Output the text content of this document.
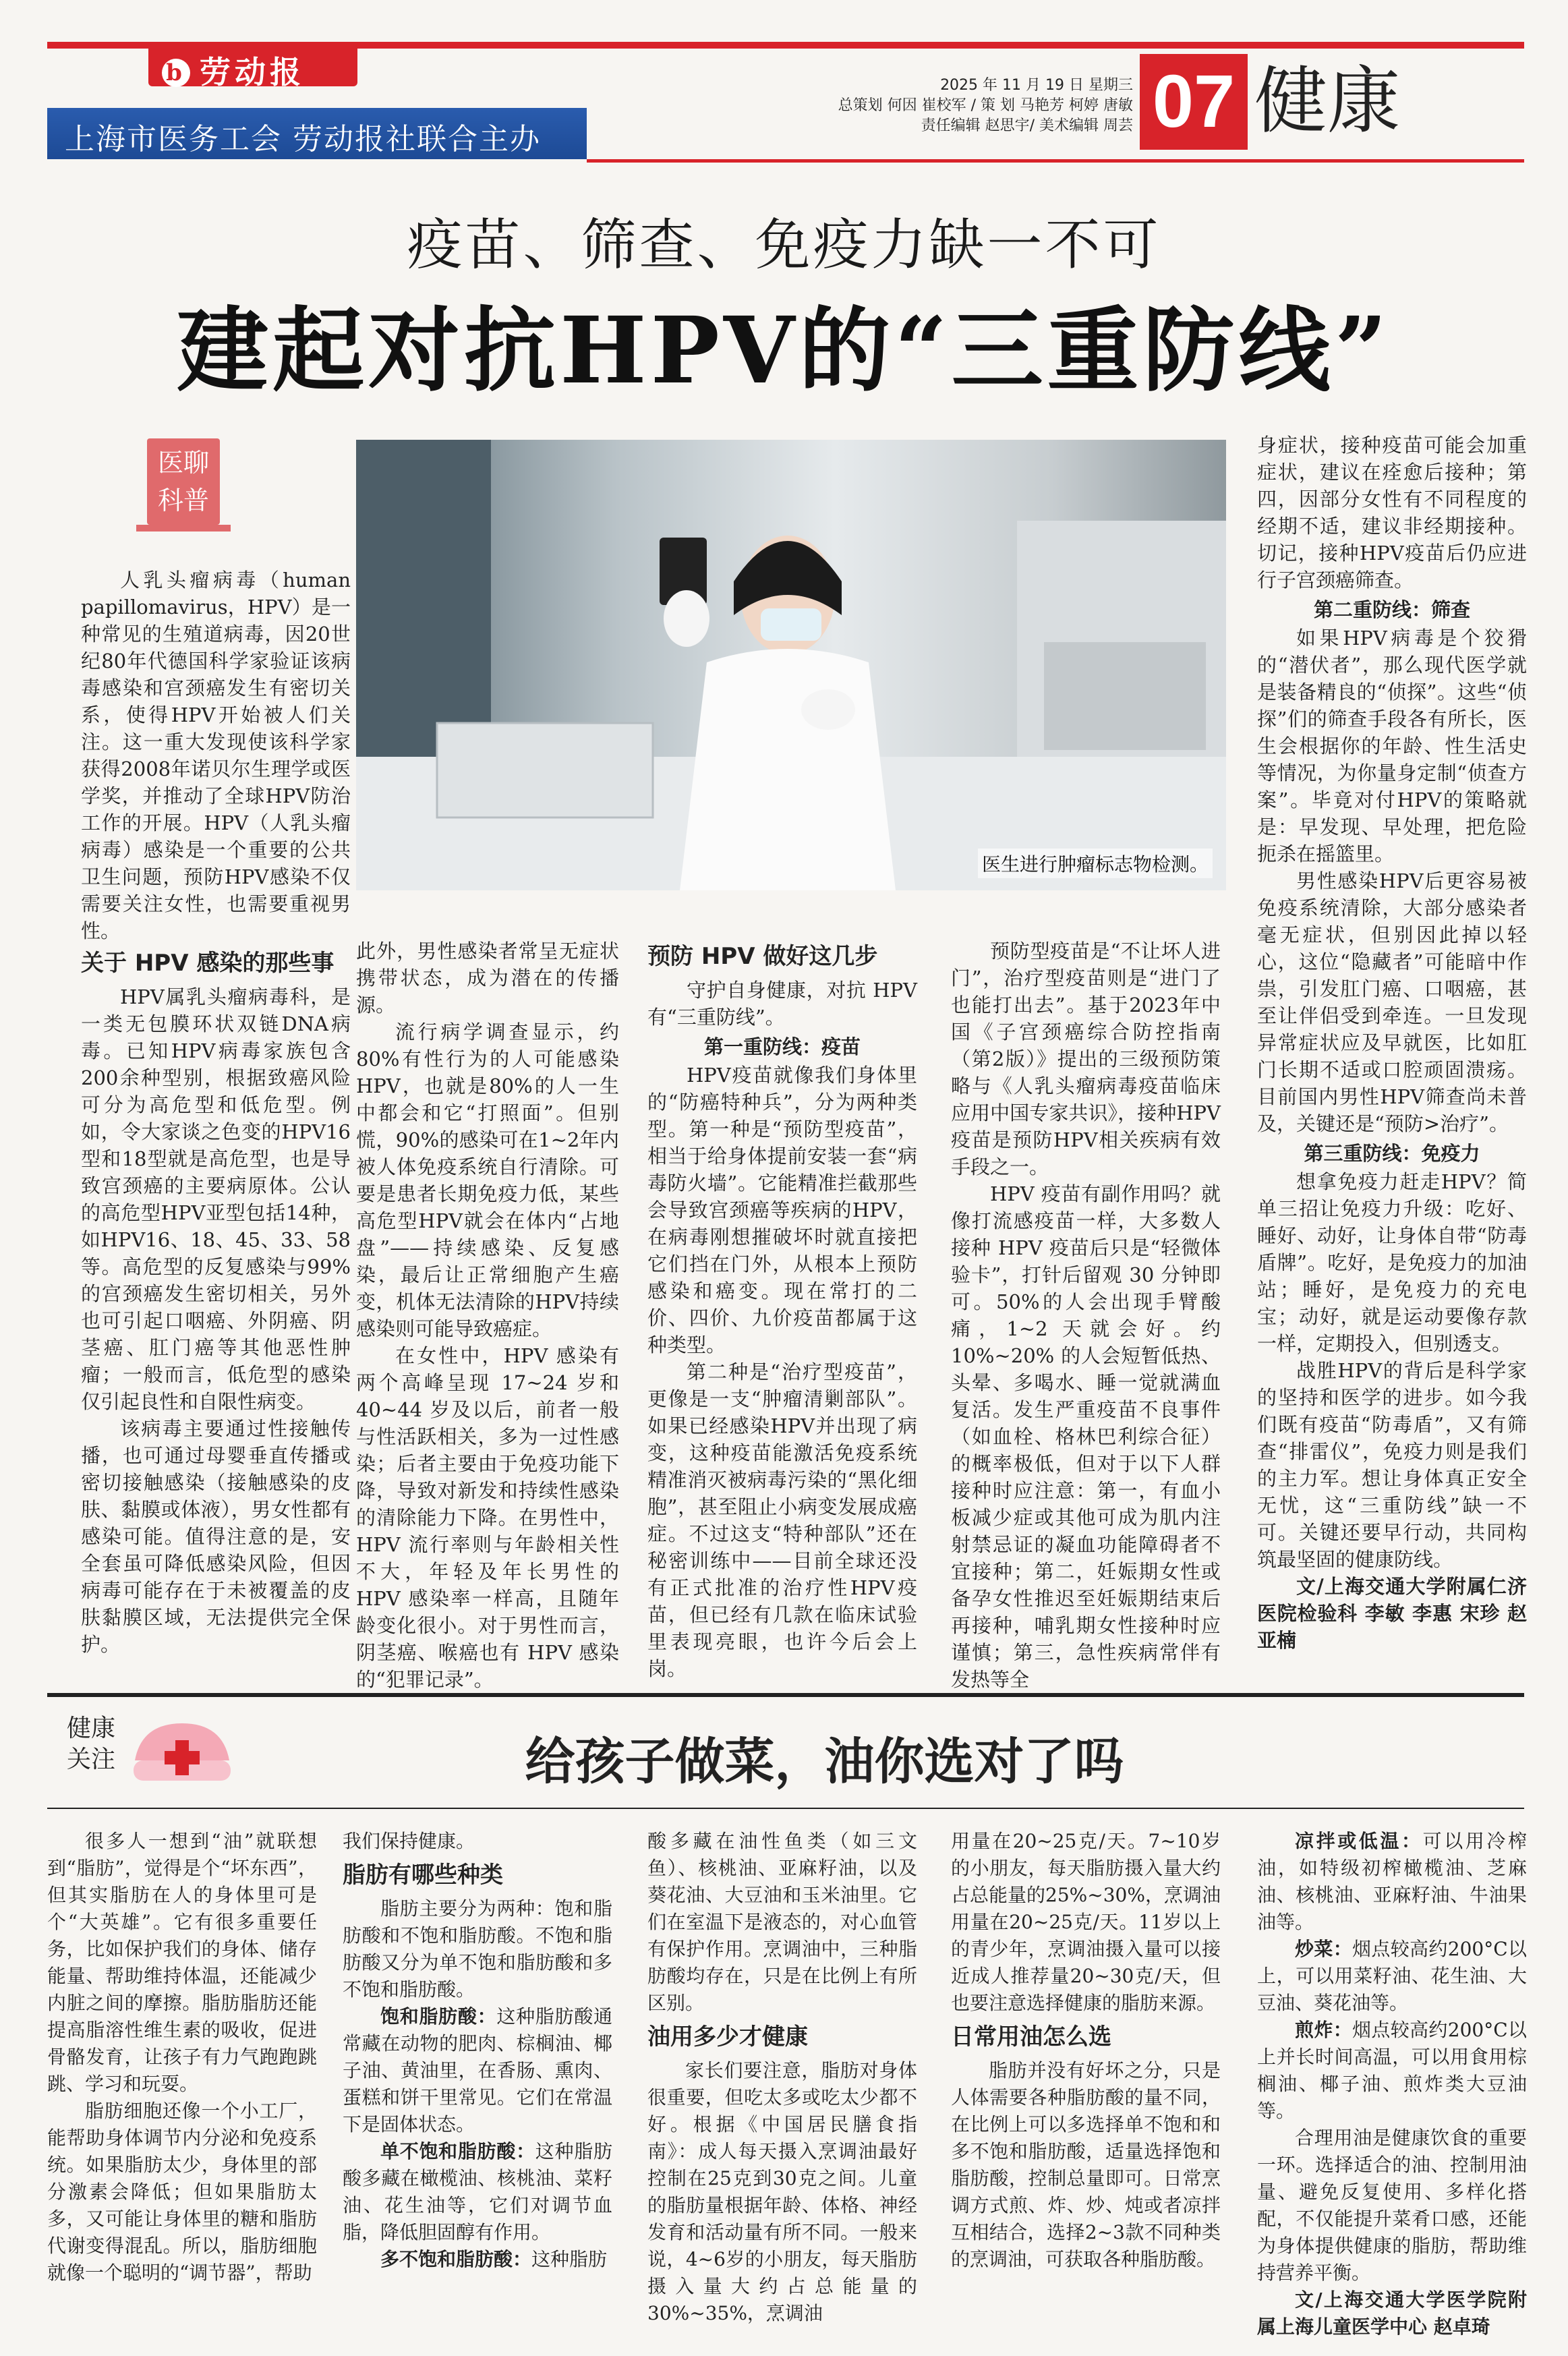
b 劳动报
上海市医务工会 劳动报社联合主办
2025 年 11 月 19 日 星期三
总策划 何因 崔校军 / 策 划 马艳芳 柯婷 唐敏
责任编辑 赵思宇/ 美术编辑 周芸 07 健康
疫苗、筛查、免疫力缺一不可
建起对抗HPV的“三重防线”
医聊科普
医生进行肿瘤标志物检测。

人乳头瘤病毒（human papillomavirus，HPV）是一种常见的生殖道病毒，因20世纪80年代德国科学家验证该病毒感染和宫颈癌发生有密切关系，使得HPV开始被人们关注。这一重大发现使该科学家获得2008年诺贝尔生理学或医学奖，并推动了全球HPV防治工作的开展。HPV（人乳头瘤病毒）感染是一个重要的公共卫生问题，预防HPV感染不仅需要关注女性，也需要重视男性。

关于 HPV 感染的那些事

HPV属乳头瘤病毒科，是一类无包膜环状双链DNA病毒。已知HPV病毒家族包含200余种型别，根据致癌风险可分为高危型和低危型。例如，令大家谈之色变的HPV16型和18型就是高危型，也是导致宫颈癌的主要病原体。公认的高危型HPV亚型包括14种，如HPV16、18、45、33、58等。高危型的反复感染与99%的宫颈癌发生密切相关，另外也可引起口咽癌、外阴癌、阴茎癌、肛门癌等其他恶性肿瘤；一般而言，低危型的感染仅引起良性和自限性病变。

该病毒主要通过性接触传播，也可通过母婴垂直传播或密切接触感染（接触感染的皮肤、黏膜或体液），男女性都有感染可能。值得注意的是，安全套虽可降低感染风险，但因病毒可能存在于未被覆盖的皮肤黏膜区域，无法提供完全保护。

此外，男性感染者常呈无症状携带状态，成为潜在的传播源。

流行病学调查显示，约80%有性行为的人可能感染HPV，也就是80%的人一生中都会和它“打照面”。但别慌，90%的感染可在1~2年内被人体免疫系统自行清除。可要是患者长期免疫力低，某些高危型HPV就会在体内“占地盘”——持续感染、反复感染，最后让正常细胞产生癌变，机体无法清除的HPV持续感染则可能导致癌症。

在女性中，HPV 感染有两个高峰呈现 17~24 岁和 40~44 岁及以后，前者一般与性活跃相关，多为一过性感染；后者主要由于免疫功能下降，导致对新发和持续性感染的清除能力下降。在男性中，HPV 流行率则与年龄相关性不大，年轻及年长男性的 HPV 感染率一样高，且随年龄变化很小。对于男性而言，阴茎癌、喉癌也有 HPV 感染的“犯罪记录”。

预防 HPV 做好这几步

守护自身健康，对抗 HPV 有“三重防线”。

第一重防线：疫苗

HPV疫苗就像我们身体里的“防癌特种兵”，分为两种类型。第一种是“预防型疫苗”，相当于给身体提前安装一套“病毒防火墙”。它能精准拦截那些会导致宫颈癌等疾病的HPV，在病毒刚想摧破坏时就直接把它们挡在门外，从根本上预防感染和癌变。现在常打的二价、四价、九价疫苗都属于这种类型。

第二种是“治疗型疫苗”，更像是一支“肿瘤清剿部队”。如果已经感染HPV并出现了病变，这种疫苗能激活免疫系统精准消灭被病毒污染的“黑化细胞”，甚至阻止小病变发展成癌症。不过这支“特种部队”还在秘密训练中——目前全球还没有正式批准的治疗性HPV疫苗，但已经有几款在临床试验里表现亮眼，也许今后会上岗。

预防型疫苗是“不让坏人进门”，治疗型疫苗则是“进门了也能打出去”。基于2023年中国《子宫颈癌综合防控指南（第2版）》提出的三级预防策略与《人乳头瘤病毒疫苗临床应用中国专家共识》，接种HPV疫苗是预防HPV相关疾病有效手段之一。

HPV 疫苗有副作用吗？就像打流感疫苗一样，大多数人接种 HPV 疫苗后只是“轻微体验卡”，打针后留观 30 分钟即可。50%的人会出现手臂酸痛，1~2 天就会好。约 10%~20% 的人会短暂低热、头晕、多喝水、睡一觉就满血复活。发生严重疫苗不良事件（如血栓、格林巴利综合征）的概率极低，但对于以下人群接种时应注意：第一，有血小板减少症或其他可成为肌内注射禁忌证的凝血功能障碍者不宜接种；第二，妊娠期女性或备孕女性推迟至妊娠期结束后再接种，哺乳期女性接种时应谨慎；第三，急性疾病常伴有发热等全

身症状，接种疫苗可能会加重症状，建议在痊愈后接种；第四，因部分女性有不同程度的经期不适，建议非经期接种。切记，接种HPV疫苗后仍应进行子宫颈癌筛查。

第二重防线：筛查

如果HPV病毒是个狡猾的“潜伏者”，那么现代医学就是装备精良的“侦探”。这些“侦探”们的筛查手段各有所长，医生会根据你的年龄、性生活史等情况，为你量身定制“侦查方案”。毕竟对付HPV的策略就是：早发现、早处理，把危险扼杀在摇篮里。

男性感染HPV后更容易被免疫系统清除，大部分感染者毫无症状，但别因此掉以轻心，这位“隐藏者”可能暗中作祟，引发肛门癌、口咽癌，甚至让伴侣受到牵连。一旦发现异常症状应及早就医，比如肛门长期不适或口腔顽固溃疡。目前国内男性HPV筛查尚未普及，关键还是“预防>治疗”。

第三重防线：免疫力

想拿免疫力赶走HPV？简单三招让免疫力升级：吃好、睡好、动好，让身体自带“防毒盾牌”。吃好，是免疫力的加油站；睡好，是免疫力的充电宝；动好，就是运动要像存款一样，定期投入，但别透支。

战胜HPV的背后是科学家的坚持和医学的进步。如今我们既有疫苗“防毒盾”，又有筛查“排雷仪”，免疫力则是我们的主力军。想让身体真正安全无忧，这“三重防线”缺一不可。关键还要早行动，共同构筑最坚固的健康防线。

文/上海交通大学附属仁济医院检验科 李敏 李惠 宋珍 赵亚楠

健康关注	给孩子做菜，油你选对了吗

很多人一想到“油”就联想到“脂肪”，觉得是个“坏东西”，但其实脂肪在人的身体里可是个“大英雄”。它有很多重要任务，比如保护我们的身体、储存能量、帮助维持体温，还能减少内脏之间的摩擦。脂肪脂肪还能提高脂溶性维生素的吸收，促进骨骼发育，让孩子有力气跑跑跳跳、学习和玩耍。

脂肪细胞还像一个小工厂，能帮助身体调节内分泌和免疫系统。如果脂肪太少，身体里的部分激素会降低；但如果脂肪太多，又可能让身体里的糖和脂肪代谢变得混乱。所以，脂肪细胞就像一个聪明的“调节器”，帮助

我们保持健康。

脂肪有哪些种类

脂肪主要分为两种：饱和脂肪酸和不饱和脂肪酸。不饱和脂肪酸又分为单不饱和脂肪酸和多不饱和脂肪酸。

饱和脂肪酸：这种脂肪酸通常藏在动物的肥肉、棕榈油、椰子油、黄油里，在香肠、熏肉、蛋糕和饼干里常见。它们在常温下是固体状态。

单不饱和脂肪酸：这种脂肪酸多藏在橄榄油、核桃油、菜籽油、花生油等，它们对调节血脂，降低胆固醇有作用。

多不饱和脂肪酸：这种脂肪

酸多藏在油性鱼类（如三文鱼）、核桃油、亚麻籽油，以及葵花油、大豆油和玉米油里。它们在室温下是液态的，对心血管有保护作用。烹调油中，三种脂肪酸均存在，只是在比例上有所区别。

油用多少才健康

家长们要注意，脂肪对身体很重要，但吃太多或吃太少都不好。根据《中国居民膳食指南》：成人每天摄入烹调油最好控制在25克到30克之间。儿童的脂肪量根据年龄、体格、神经发育和活动量有所不同。一般来说，4~6岁的小朋友，每天脂肪摄入量大约占总能量的30%~35%，烹调油

用量在20~25克/天。7~10岁的小朋友，每天脂肪摄入量大约占总能量的25%~30%，烹调油用量在20~25克/天。11岁以上的青少年，烹调油摄入量可以接近成人推荐量20~30克/天，但也要注意选择健康的脂肪来源。

日常用油怎么选

脂肪并没有好坏之分，只是人体需要各种脂肪酸的量不同，在比例上可以多选择单不饱和和多不饱和脂肪酸，适量选择饱和脂肪酸，控制总量即可。日常烹调方式煎、炸、炒、炖或者凉拌互相结合，选择2~3款不同种类的烹调油，可获取各种脂肪酸。

凉拌或低温：可以用冷榨油，如特级初榨橄榄油、芝麻油、核桃油、亚麻籽油、牛油果油等。

炒菜：烟点较高约200°C以上，可以用菜籽油、花生油、大豆油、葵花油等。

煎炸：烟点较高约200°C以上并长时间高温，可以用食用棕榈油、椰子油、煎炸类大豆油等。

合理用油是健康饮食的重要一环。选择适合的油、控制用油量、避免反复使用、多样化搭配，不仅能提升菜肴口感，还能为身体提供健康的脂肪，帮助维持营养平衡。

文/上海交通大学医学院附属上海儿童医学中心 赵卓琦
